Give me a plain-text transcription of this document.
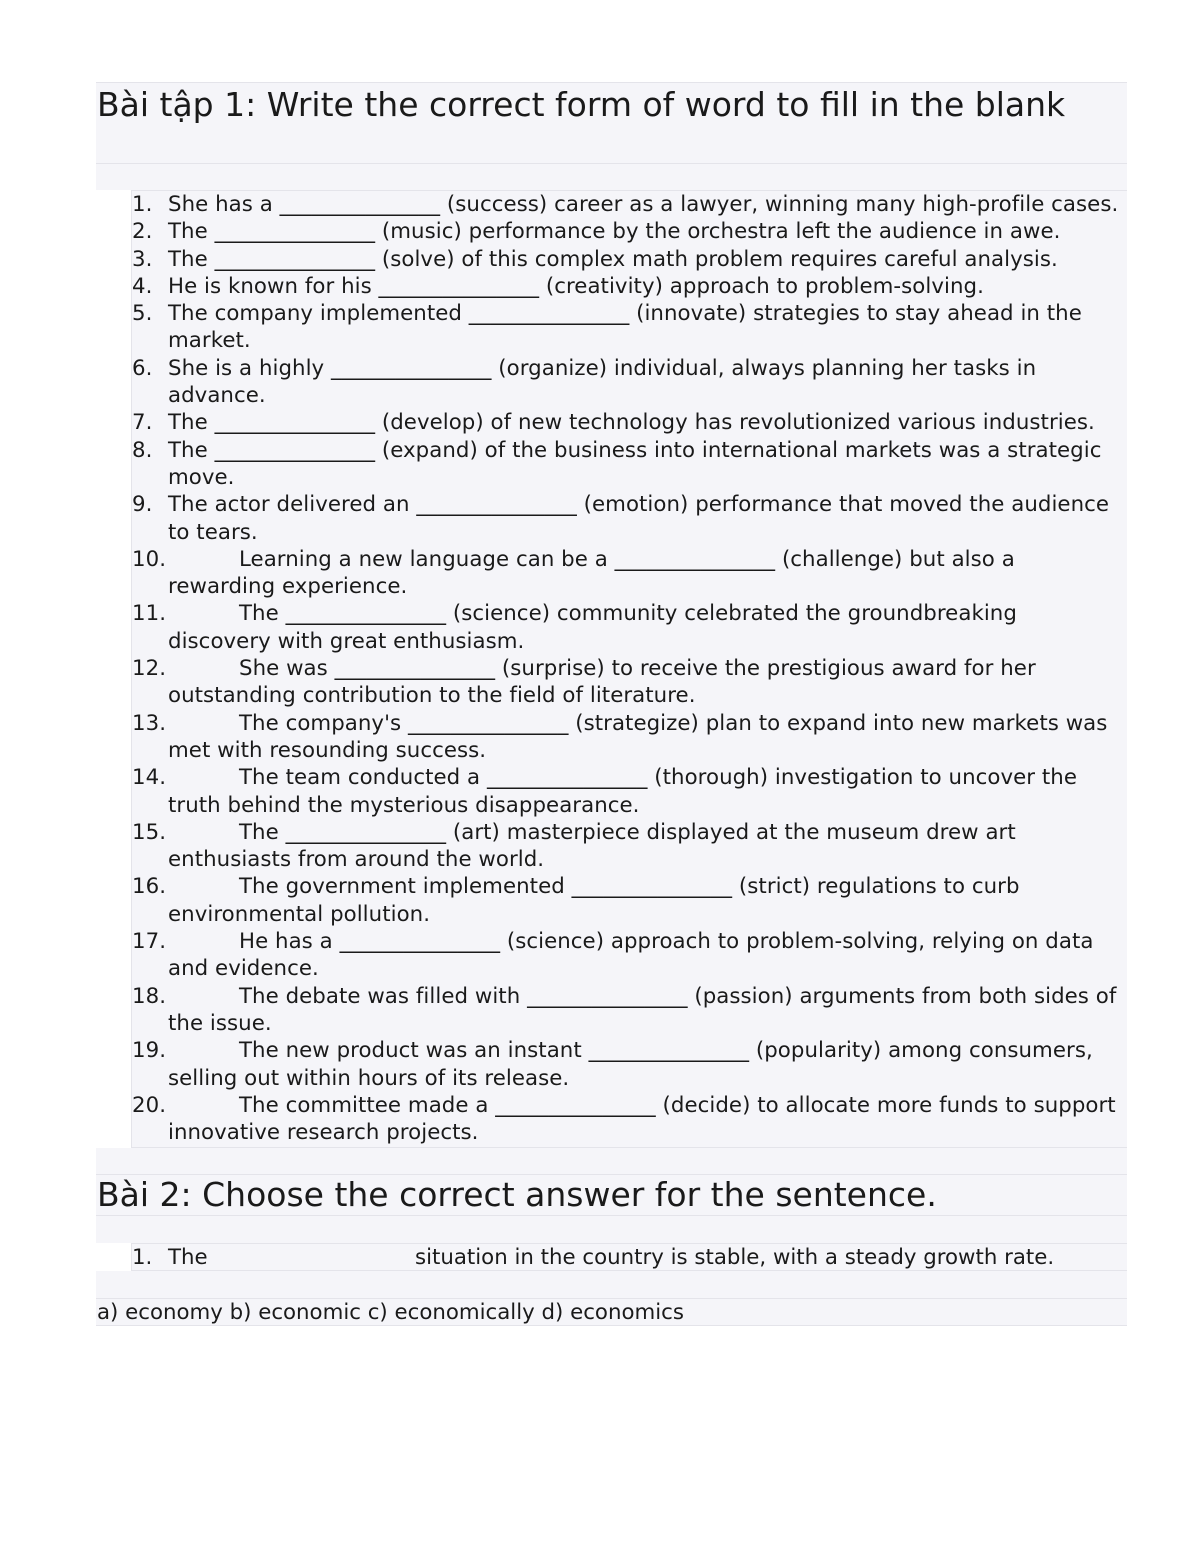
Bài tập 1: Write the correct form of word to fill in the blank
1. She has a _______________ (success) career as a lawyer, winning many high-profile cases.
2. The _______________ (music) performance by the orchestra left the audience in awe.
3. The _______________ (solve) of this complex math problem requires careful analysis.
4. He is known for his _______________ (creativity) approach to problem-solving.
5. The company implemented _______________ (innovate) strategies to stay ahead in the market.
6. She is a highly _______________ (organize) individual, always planning her tasks in advance.
7. The _______________ (develop) of new technology has revolutionized various industries.
8. The _______________ (expand) of the business into international markets was a strategic move.
9. The actor delivered an _______________ (emotion) performance that moved the audience to tears.
10.	Learning a new language can be a _______________ (challenge) but also a rewarding experience.
11.	The _______________ (science) community celebrated the groundbreaking discovery with great enthusiasm.
12.	She was _______________ (surprise) to receive the prestigious award for her outstanding contribution to the field of literature.
13.	The company's _______________ (strategize) plan to expand into new markets was met with resounding success.
14.	The team conducted a _______________ (thorough) investigation to uncover the truth behind the mysterious disappearance.
15.	The _______________ (art) masterpiece displayed at the museum drew art enthusiasts from around the world.
16.	The government implemented _______________ (strict) regulations to curb environmental pollution.
17.	He has a _______________ (science) approach to problem-solving, relying on data and evidence.
18.	The debate was filled with _______________ (passion) arguments from both sides of the issue.
19.	The new product was an instant _______________ (popularity) among consumers, selling out within hours of its release.
20.	The committee made a _______________ (decide) to allocate more funds to support innovative research projects.
Bài 2: Choose the correct answer for the sentence.
1. The	situation in the country is stable, with a steady growth rate.
a) economy b) economic c) economically d) economics
